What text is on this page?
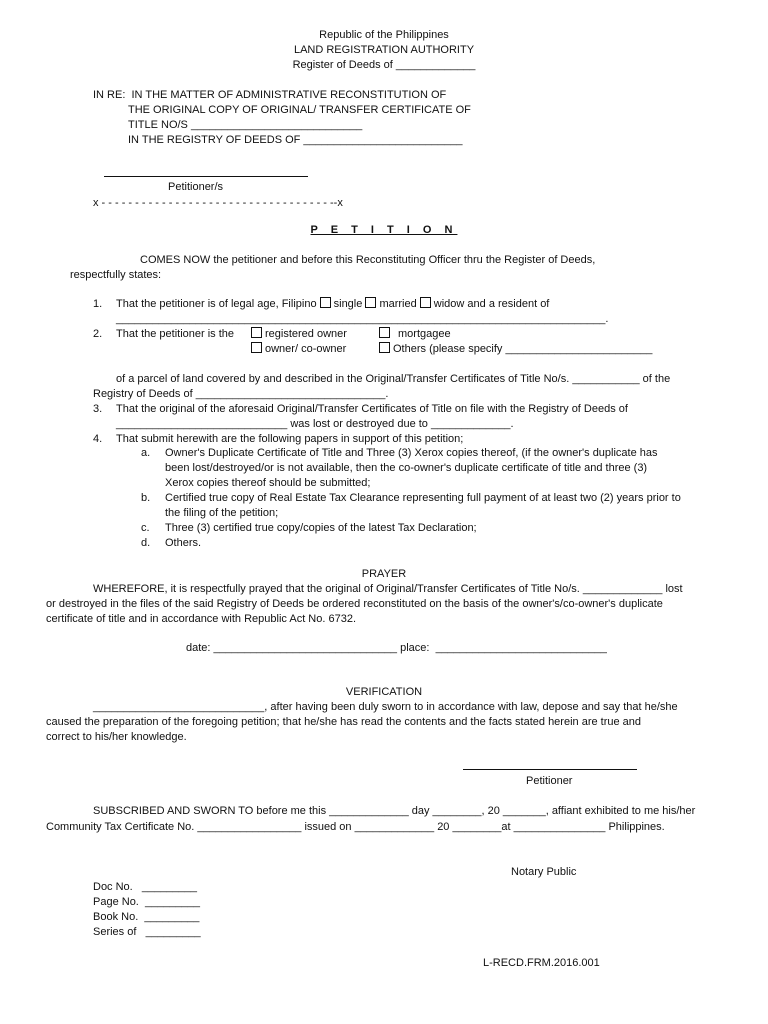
Republic of the Philippines
LAND REGISTRATION AUTHORITY
Register of Deeds of _____________
IN RE:  IN THE MATTER OF ADMINISTRATIVE RECONSTITUTION OF
THE ORIGINAL COPY OF ORIGINAL/ TRANSFER CERTIFICATE OF
TITLE NO/S ____________________________
IN THE REGISTRY OF DEEDS OF __________________________
Petitioner/s
x - - - - - - - - - - - - - - - - - - - - - - - - - - - - - - - - - - --x
P E T I T I O N
COMES NOW the petitioner and before this Reconstituting Officer thru the Register of Deeds,
respectfully states:
1. That the petitioner is of legal age, Filipino single married widow and a resident of
________________________________________________________________________________.
2. That the petitioner is the	registered owner	mortgagee
owner/ co-owner	Others (please specify ________________________
of a parcel of land covered by and described in the Original/Transfer Certificates of Title No/s. ___________ of the
Registry of Deeds of _______________________________.
3. That the original of the aforesaid Original/Transfer Certificates of Title on file with the Registry of Deeds of
____________________________ was lost or destroyed due to _____________.
4. That submit herewith are the following papers in support of this petition;
a. Owner's Duplicate Certificate of Title and Three (3) Xerox copies thereof, (if the owner's duplicate has
been lost/destroyed/or is not available, then the co-owner's duplicate certificate of title and three (3)
Xerox copies thereof should be submitted;
b. Certified true copy of Real Estate Tax Clearance representing full payment of at least two (2) years prior to
the filing of the petition;
c. Three (3) certified true copy/copies of the latest Tax Declaration;
d. Others.
PRAYER
WHEREFORE, it is respectfully prayed that the original of Original/Transfer Certificates of Title No/s. _____________ lost
or destroyed in the files of the said Registry of Deeds be ordered reconstituted on the basis of the owner's/co-owner's duplicate
certificate of title and in accordance with Republic Act No. 6732.
date: ______________________________ place:  ____________________________
VERIFICATION
____________________________, after having been duly sworn to in accordance with law, depose and say that he/she
caused the preparation of the foregoing petition; that he/she has read the contents and the facts stated herein are true and
correct to his/her knowledge.
Petitioner
SUBSCRIBED AND SWORN TO before me this _____________ day ________, 20 _______, affiant exhibited to me his/her
Community Tax Certificate No. _________________ issued on _____________ 20 ________at _______________ Philippines.
Notary Public
Doc No.   _________
Page No.  _________
Book No.  _________
Series of   _________
L-RECD.FRM.2016.001
